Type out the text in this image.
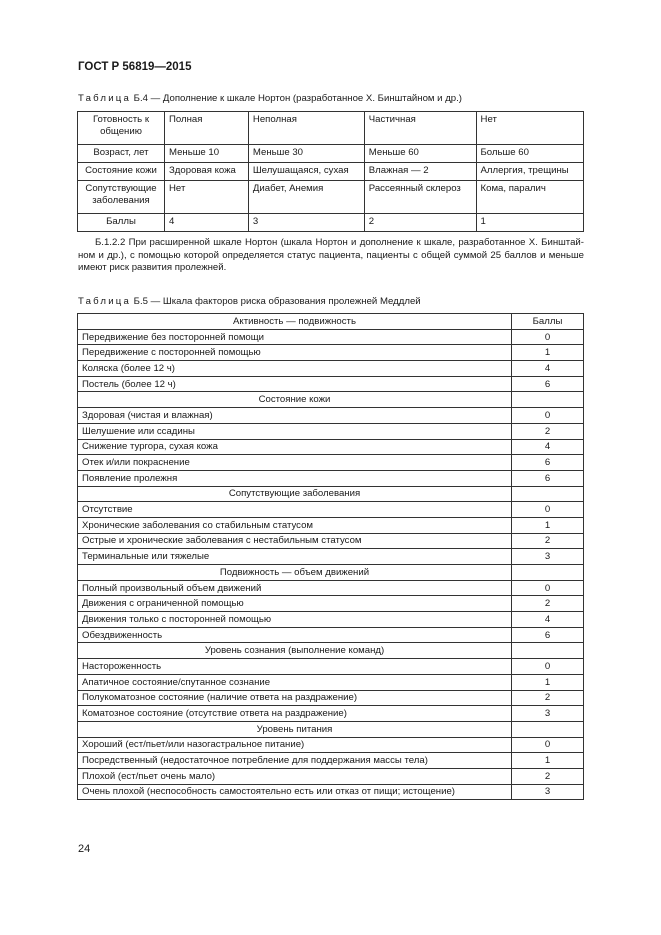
ГОСТ Р 56819—2015
Таблица Б.4 — Дополнение к шкале Нортон (разработанное Х. Бинштайном и др.)
Готовность к общению	Полная	Неполная	Частичная	Нет
Возраст, лет	Меньше 10	Меньше 30	Меньше 60	Больше 60
Состояние кожи	Здоровая кожа	Шелушащаяся, сухая	Влажная — 2	Аллергия, трещины
Сопутствующие заболевания	Нет	Диабет, Анемия	Рассеянный склероз	Кома, паралич
Баллы	4	3	2	1

Б.1.2.2 При расширенной шкале Нортон (шкала Нортон и дополнение к шкале, разработанное Х. Бинштай-ном и др.), с помощью которой определяется статус пациента, пациенты с общей суммой 25 баллов и меньше имеют риск развития пролежней.

Таблица Б.5 — Шкала факторов риска образования пролежней Меддлей
Активность — подвижность	Баллы
Передвижение без посторонней помощи	0
Передвижение с посторонней помощью	1
Коляска (более 12 ч)	4
Постель (более 12 ч)	6
Состояние кожи	
Здоровая (чистая и влажная)	0
Шелушение или ссадины	2
Снижение тургора, сухая кожа	4
Отек и/или покраснение	6
Появление пролежня	6
Сопутствующие заболевания	
Отсутствие	0
Хронические заболевания со стабильным статусом	1
Острые и хронические заболевания с нестабильным статусом	2
Терминальные или тяжелые	3
Подвижность — объем движений	
Полный произвольный объем движений	0
Движения с ограниченной помощью	2
Движения только с посторонней помощью	4
Обездвиженность	6
Уровень сознания (выполнение команд)	
Настороженность	0
Апатичное состояние/спутанное сознание	1
Полукоматозное состояние (наличие ответа на раздражение)	2
Коматозное состояние (отсутствие ответа на раздражение)	3
Уровень питания	
Хороший (ест/пьет/или назогастральное питание)	0
Посредственный (недостаточное потребление для поддержания массы тела)	1
Плохой (ест/пьет очень мало)	2
Очень плохой (неспособность самостоятельно есть или отказ от пищи; истощение)	3
24
